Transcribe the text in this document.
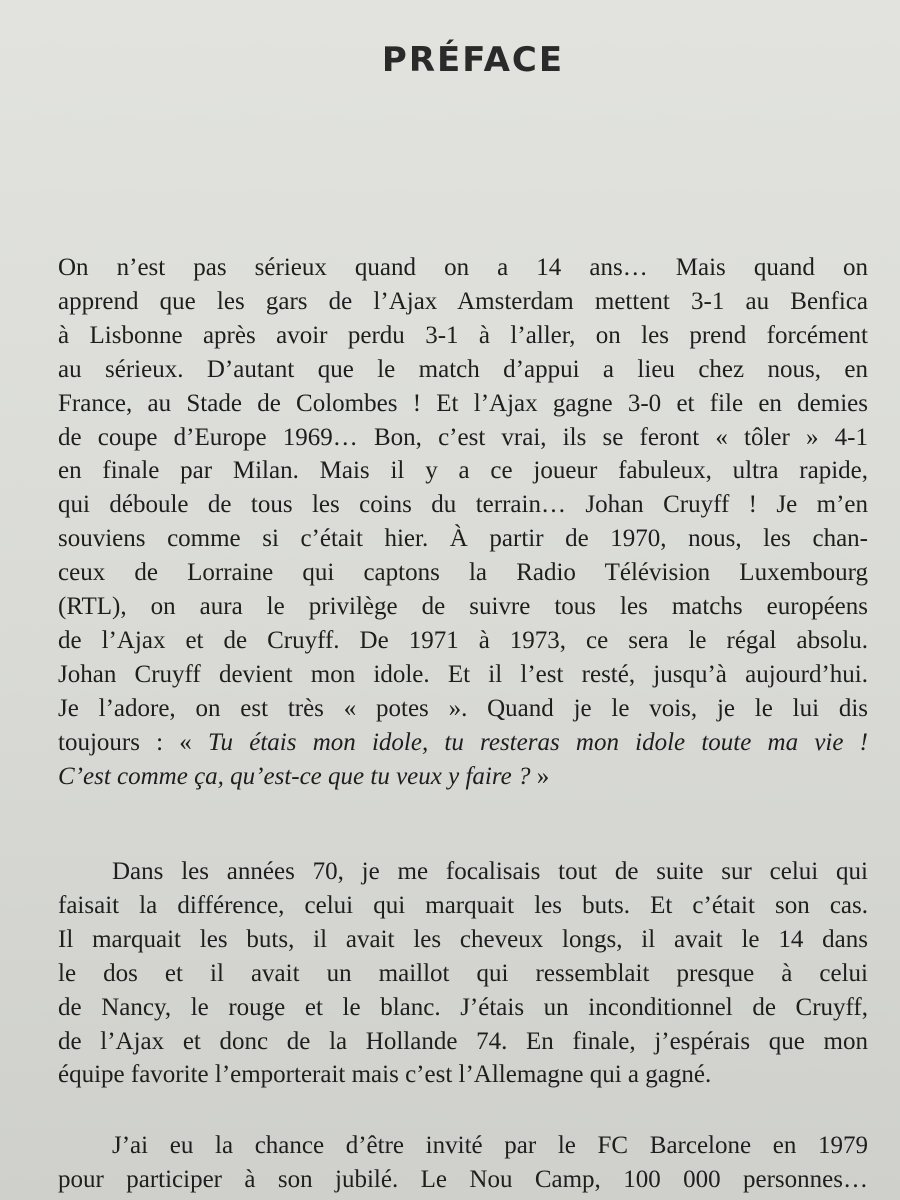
PRÉFACE
On n’est pas sérieux quand on a 14 ans… Mais quand on
apprend que les gars de l’Ajax Amsterdam mettent 3-1 au Benfica
à Lisbonne après avoir perdu 3-1 à l’aller, on les prend forcément
au sérieux. D’autant que le match d’appui a lieu chez nous, en
France, au Stade de Colombes ! Et l’Ajax gagne 3-0 et file en demies
de coupe d’Europe 1969… Bon, c’est vrai, ils se feront « tôler » 4-1
en finale par Milan. Mais il y a ce joueur fabuleux, ultra rapide,
qui déboule de tous les coins du terrain… Johan Cruyff ! Je m’en
souviens comme si c’était hier. À partir de 1970, nous, les chan-
ceux de Lorraine qui captons la Radio Télévision Luxembourg
(RTL), on aura le privilège de suivre tous les matchs européens
de l’Ajax et de Cruyff. De 1971 à 1973, ce sera le régal absolu.
Johan Cruyff devient mon idole. Et il l’est resté, jusqu’à aujourd’hui.
Je l’adore, on est très « potes ». Quand je le vois, je le lui dis
toujours : « Tu étais mon idole, tu resteras mon idole toute ma vie !
C’est comme ça, qu’est-ce que tu veux y faire ? »
Dans les années 70, je me focalisais tout de suite sur celui qui
faisait la différence, celui qui marquait les buts. Et c’était son cas.
Il marquait les buts, il avait les cheveux longs, il avait le 14 dans
le dos et il avait un maillot qui ressemblait presque à celui
de Nancy, le rouge et le blanc. J’étais un inconditionnel de Cruyff,
de l’Ajax et donc de la Hollande 74. En finale, j’espérais que mon
équipe favorite l’emporterait mais c’est l’Allemagne qui a gagné.
J’ai eu la chance d’être invité par le FC Barcelone en 1979
pour participer à son jubilé. Le Nou Camp, 100 000 personnes…
